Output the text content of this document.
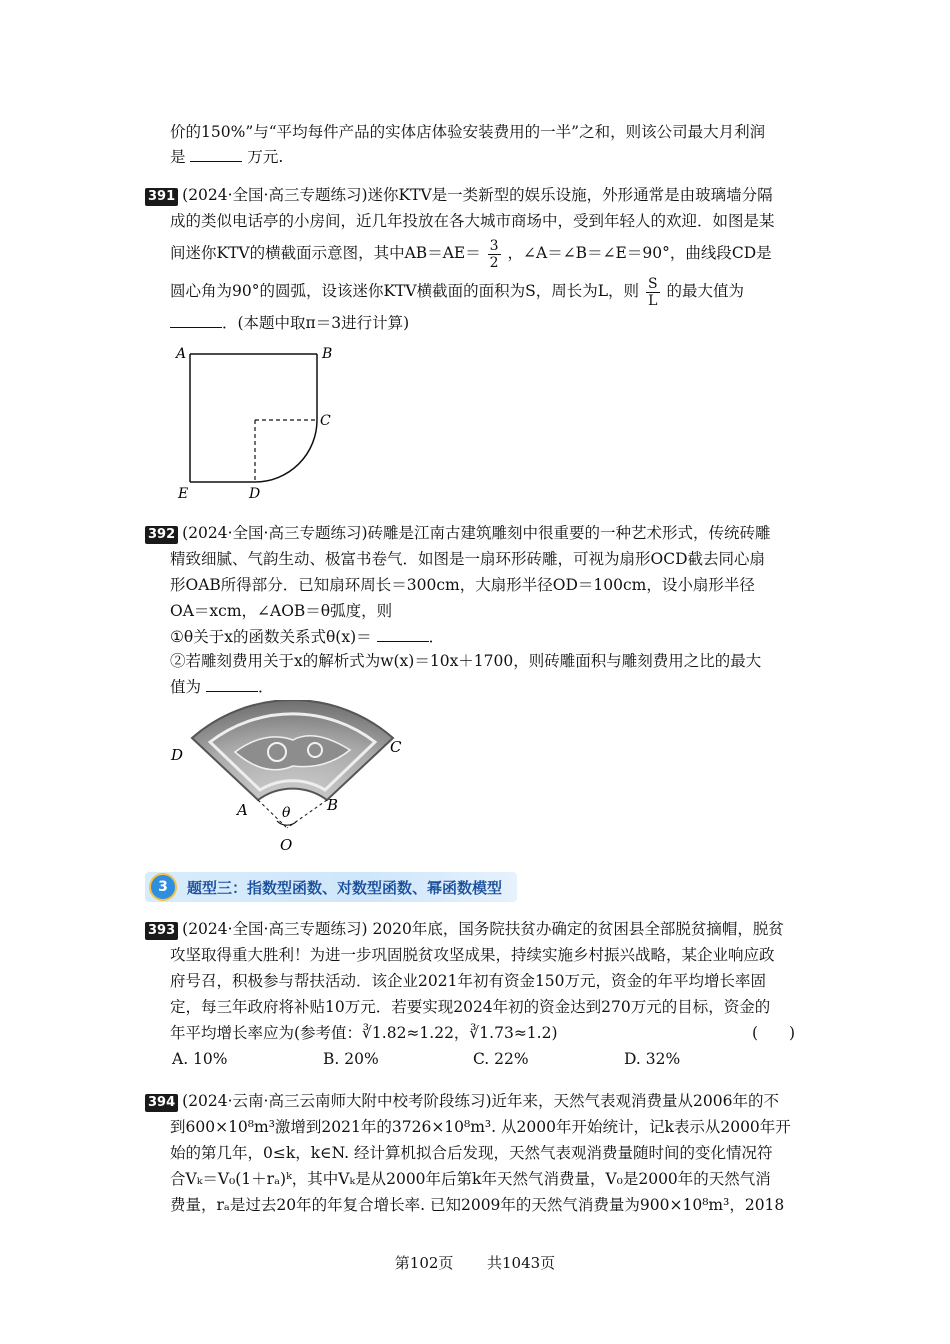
价的150%”与“平均每件产品的实体店体验安装费用的一半”之和，则该公司最大月利润
是	万元.
391 (2024·全国·高三专题练习)迷你KTV是一类新型的娱乐设施，外形通常是由玻璃墙分隔
成的类似电话亭的小房间，近几年投放在各大城市商场中，受到年轻人的欢迎．如图是某
间迷你KTV的横截面示意图，其中$AB=AE= \frac{3}{2}$ ，∠A＝∠B＝∠E＝90°，曲线段CD是
圆心角为90°的圆弧，设该迷你KTV横截面的面积为S，周长为L，则 $\frac{S}{L}$ 的最大值为
．(本题中取π＝3进行计算)
A	B
C
D
E
392 (2024·全国·高三专题练习)砖雕是江南古建筑雕刻中很重要的一种艺术形式，传统砖雕
精致细腻、气韵生动、极富书卷气．如图是一扇环形砖雕，可视为扇形OCD截去同心扇
形OAB所得部分．已知扇环周长＝300cm，大扇形半径OD＝100cm，设小扇形半径
OA＝xcm，∠AOB＝θ弧度，则
①θ关于x的函数关系式θ(x)＝	．
②若雕刻费用关于x的解析式为w(x)＝10x＋1700，则砖雕面积与雕刻费用之比的最大
值为	．
D	C
A	B
θ
O
3	题型三：指数型函数、对数型函数、幂函数模型
393 (2024·全国·高三专题练习) 2020年底，国务院扶贫办确定的贫困县全部脱贫摘帽，脱贫
攻坚取得重大胜利！为进一步巩固脱贫攻坚成果，持续实施乡村振兴战略，某企业响应政
府号召，积极参与帮扶活动．该企业2021年初有资金150万元，资金的年平均增长率固
定，每三年政府将补贴10万元．若要实现2024年初的资金达到270万元的目标，资金的
年平均增长率应为(参考值：∛1.82≈1.22，∛1.73≈1.2)	(　　)
A. 10%	B. 20%	C. 22%	D. 32%
394 (2024·云南·高三云南师大附中校考阶段练习)近年来，天然气表观消费量从2006年的不
到600×10⁸m³激增到2021年的3726×10⁸m³. 从2000年开始统计，记k表示从2000年开
始的第几年，0≤k，k∈N. 经计算机拟合后发现，天然气表观消费量随时间的变化情况符
合Vₖ＝V₀(1＋rₐ)ᵏ，其中Vₖ是从2000年后第k年天然气消费量，V₀是2000年的天然气消
费量，rₐ是过去20年的年复合增长率. 已知2009年的天然气消费量为900×10⁸m³，2018
第102页 共1043页
